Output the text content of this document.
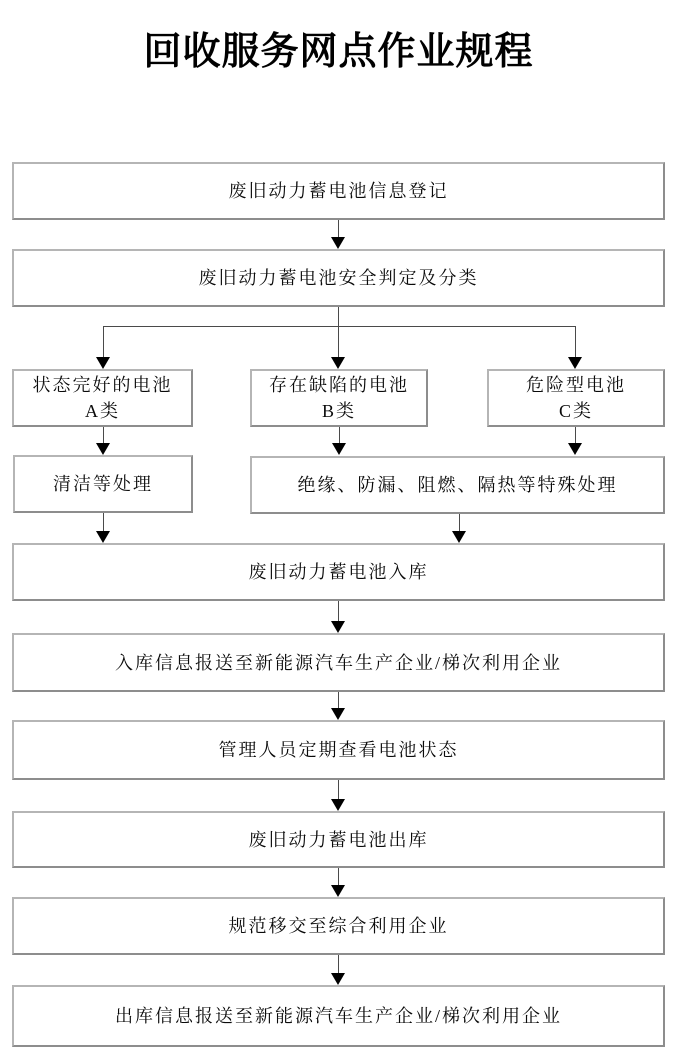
回收服务网点作业规程
废旧动力蓄电池信息登记
废旧动力蓄电池安全判定及分类
状态完好的电池
A类
存在缺陷的电池
B类
危险型电池
C类
清洁等处理	绝缘、防漏、阻燃、隔热等特殊处理
废旧动力蓄电池入库
入库信息报送至新能源汽车生产企业/梯次利用企业
管理人员定期查看电池状态
废旧动力蓄电池出库
规范移交至综合利用企业
出库信息报送至新能源汽车生产企业/梯次利用企业
